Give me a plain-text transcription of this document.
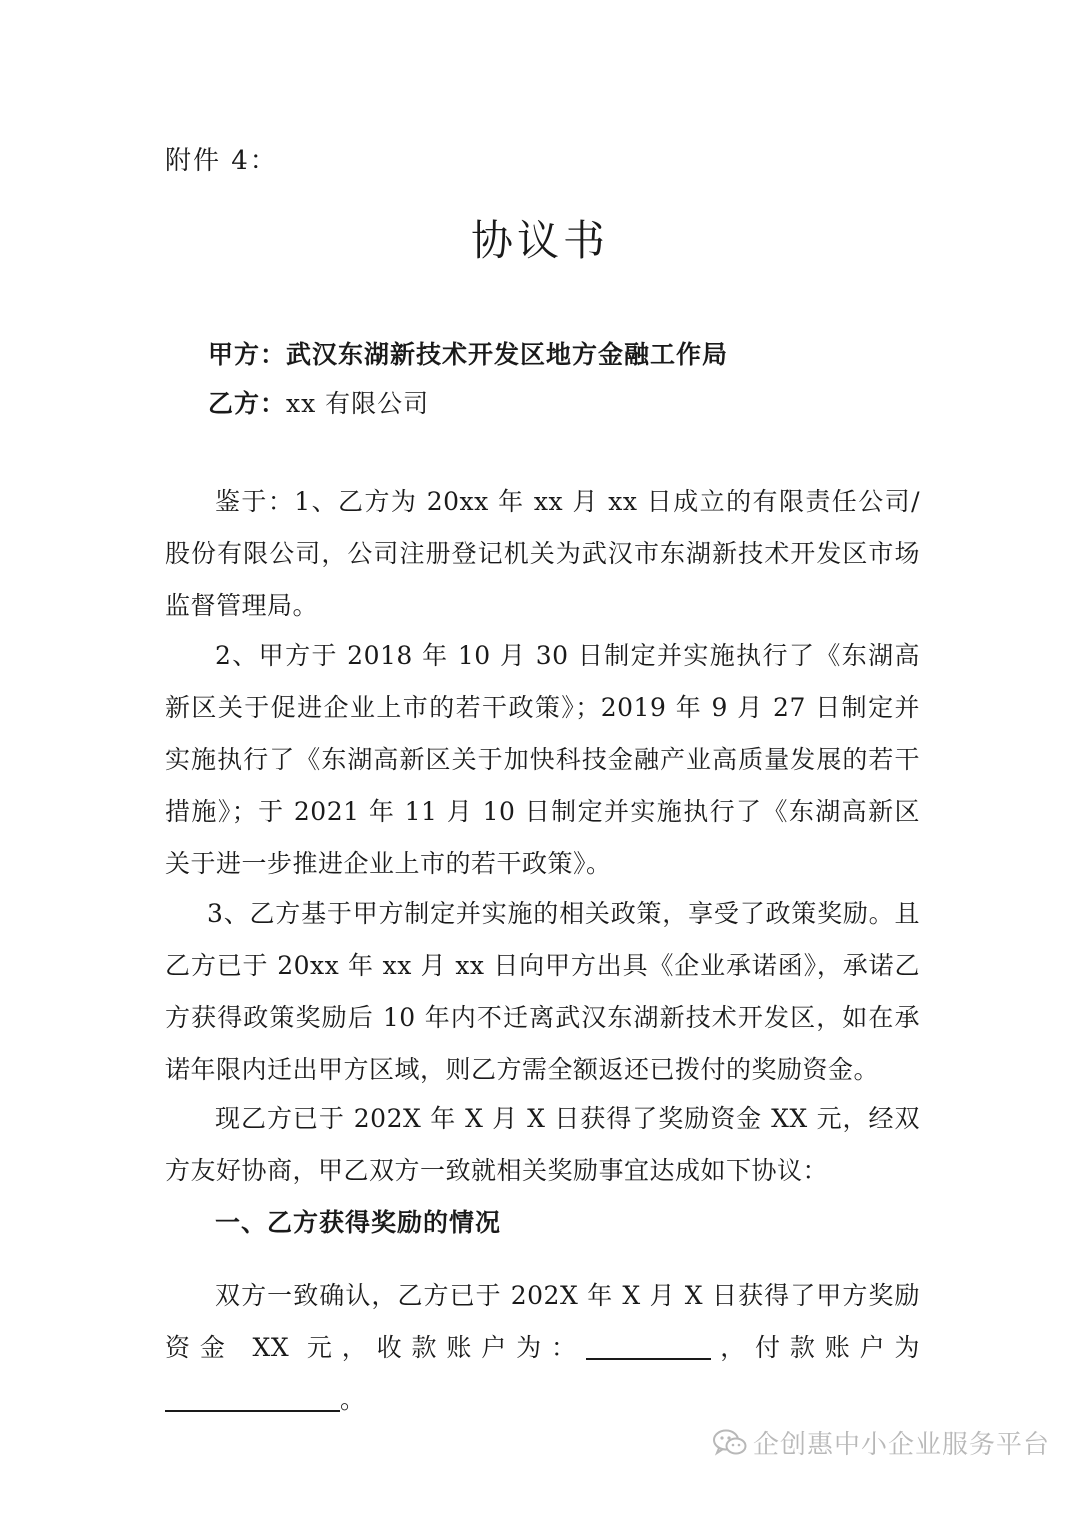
附件 4：
协议书
甲方：武汉东湖新技术开发区地方金融工作局
乙方：xx 有限公司
鉴于：1、乙方为 20xx 年 xx 月 xx 日成立的有限责任公司/股份有限公司，公司注册登记机关为武汉市东湖新技术开发区市场监督管理局。
2、甲方于 2018 年 10 月 30 日制定并实施执行了《东湖高新区关于促进企业上市的若干政策》；2019 年 9 月 27 日制定并实施执行了《东湖高新区关于加快科技金融产业高质量发展的若干措施》；于 2021 年 11 月 10 日制定并实施执行了《东湖高新区关于进一步推进企业上市的若干政策》。
3、乙方基于甲方制定并实施的相关政策，享受了政策奖励。且乙方已于 20xx 年 xx 月 xx 日向甲方出具《企业承诺函》，承诺乙方获得政策奖励后 10 年内不迁离武汉东湖新技术开发区，如在承诺年限内迁出甲方区域，则乙方需全额返还已拨付的奖励资金。
现乙方已于 202X 年 X 月 X 日获得了奖励资金 XX 元，经双方友好协商，甲乙双方一致就相关奖励事宜达成如下协议：
一、乙方获得奖励的情况
双方一致确认，乙方已于 202X 年 X 月 X 日获得了甲方奖励资金 XX 元，收款账户为：	，付款账户为。
企创惠中小企业服务平台
